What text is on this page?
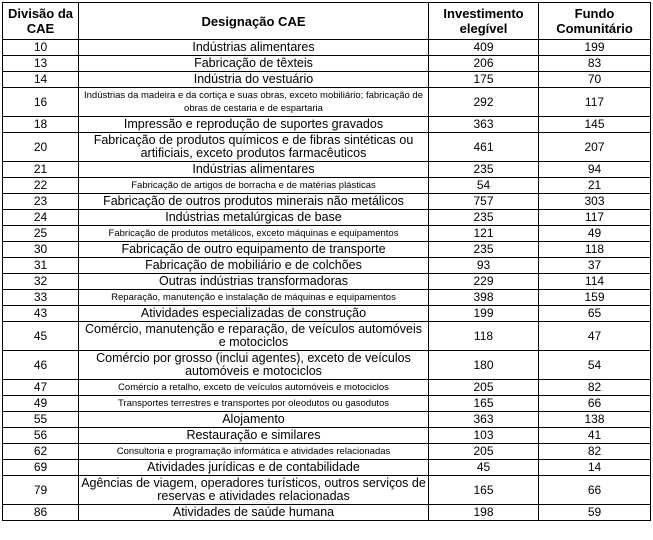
Divisão da CAE	Designação CAE	Investimento elegível	Fundo Comunitário
10	Indústrias alimentares	409	199
13	Fabricação de têxteis	206	83
14	Indústria do vestuário	175	70
16	Indústrias da madeira e da cortiça e suas obras, exceto mobiliário; fabricação de obras de cestaria e de espartaria	292	117
18	Impressão e reprodução de suportes gravados	363	145
20	Fabricação de produtos químicos e de fibras sintéticas ou artificiais, exceto produtos farmacêuticos	461	207
21	Indústrias alimentares	235	94
22	Fabricação de artigos de borracha e de matérias plásticas	54	21
23	Fabricação de outros produtos minerais não metálicos	757	303
24	Indústrias metalúrgicas de base	235	117
25	Fabricação de produtos metálicos, exceto máquinas e equipamentos	121	49
30	Fabricação de outro equipamento de transporte	235	118
31	Fabricação de mobiliário e de colchões	93	37
32	Outras indústrias transformadoras	229	114
33	Reparação, manutenção e instalação de máquinas e equipamentos	398	159
43	Atividades especializadas de construção	199	65
45	Comércio, manutenção e reparação, de veículos automóveis e motociclos	118	47
46	Comércio por grosso (inclui agentes), exceto de veículos automóveis e motociclos	180	54
47	Comércio a retalho, exceto de veículos automóveis e motociclos	205	82
49	Transportes terrestres e transportes por oleodutos ou gasodutos	165	66
55	Alojamento	363	138
56	Restauração e similares	103	41
62	Consultoria e programação informática e atividades relacionadas	205	82
69	Atividades jurídicas e de contabilidade	45	14
79	Agências de viagem, operadores turísticos, outros serviços de reservas e atividades relacionadas	165	66
86	Atividades de saúde humana	198	59
